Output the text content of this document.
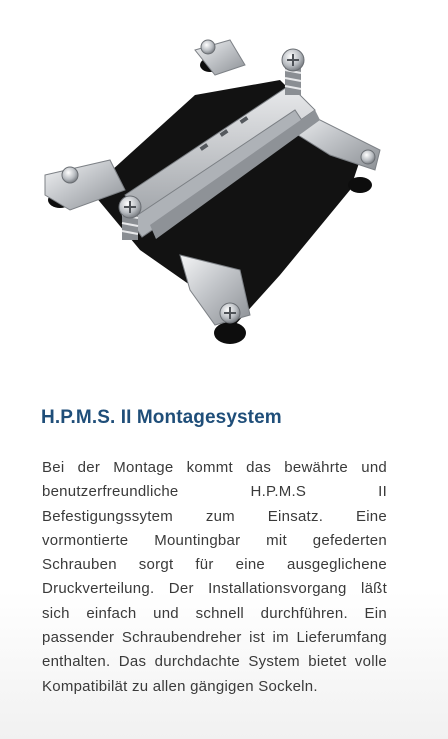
H.P.M.S. II Montagesystem

Bei der Montage kommt das bewährte und benutzerfreundliche H.P.M.S II Befestigungssytem zum Einsatz. Eine vormontierte Mountingbar mit gefederten Schrauben sorgt für eine ausgeglichene Druckverteilung. Der Installationsvorgang läßt sich einfach und schnell durchführen. Ein passender Schraubendreher ist im Lieferumfang enthalten. Das durchdachte System bietet volle Kompatibilät zu allen gängigen Sockeln.
